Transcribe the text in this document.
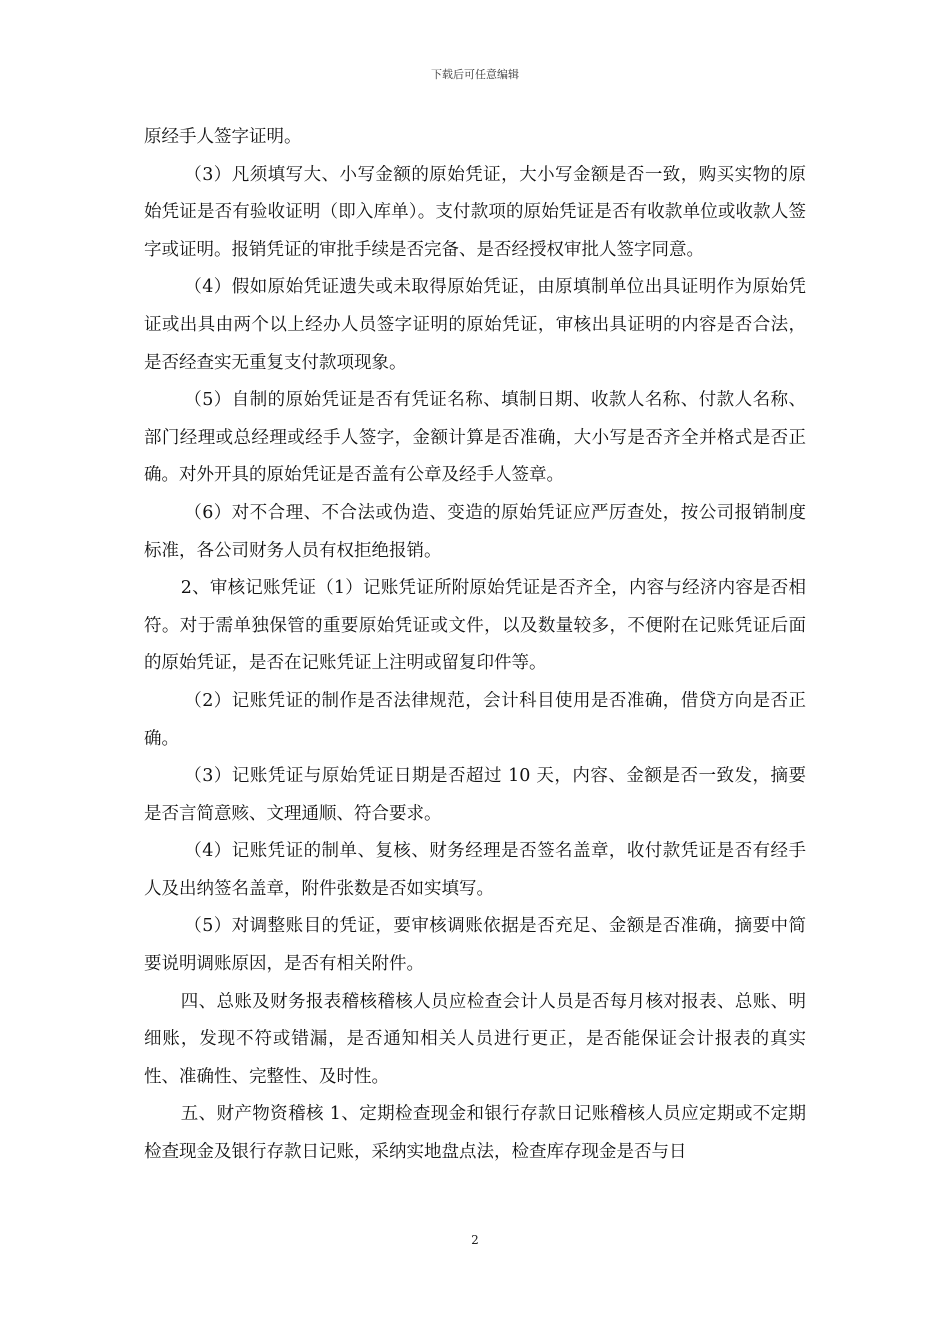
下载后可任意编辑

原经手人签字证明。

（3）凡须填写大、小写金额的原始凭证，大小写金额是否一致，购买实物的原始凭证是否有验收证明（即入库单）。支付款项的原始凭证是否有收款单位或收款人签字或证明。报销凭证的审批手续是否完备、是否经授权审批人签字同意。

（4）假如原始凭证遗失或未取得原始凭证，由原填制单位出具证明作为原始凭证或出具由两个以上经办人员签字证明的原始凭证，审核出具证明的内容是否合法，是否经查实无重复支付款项现象。

（5）自制的原始凭证是否有凭证名称、填制日期、收款人名称、付款人名称、部门经理或总经理或经手人签字，金额计算是否准确，大小写是否齐全并格式是否正确。对外开具的原始凭证是否盖有公章及经手人签章。

（6）对不合理、不合法或伪造、变造的原始凭证应严厉查处，按公司报销制度标准，各公司财务人员有权拒绝报销。

2、审核记账凭证（1）记账凭证所附原始凭证是否齐全，内容与经济内容是否相符。对于需单独保管的重要原始凭证或文件，以及数量较多，不便附在记账凭证后面的原始凭证，是否在记账凭证上注明或留复印件等。

（2）记账凭证的制作是否法律规范，会计科目使用是否准确，借贷方向是否正确。

（3）记账凭证与原始凭证日期是否超过 10 天，内容、金额是否一致发，摘要是否言简意赅、文理通顺、符合要求。

（4）记账凭证的制单、复核、财务经理是否签名盖章，收付款凭证是否有经手人及出纳签名盖章，附件张数是否如实填写。

（5）对调整账目的凭证，要审核调账依据是否充足、金额是否准确，摘要中简要说明调账原因，是否有相关附件。

四、总账及财务报表稽核稽核人员应检查会计人员是否每月核对报表、总账、明细账，发现不符或错漏，是否通知相关人员进行更正，是否能保证会计报表的真实性、准确性、完整性、及时性。

五、财产物资稽核 1、定期检查现金和银行存款日记账稽核人员应定期或不定期检查现金及银行存款日记账，采纳实地盘点法，检查库存现金是否与日

2
